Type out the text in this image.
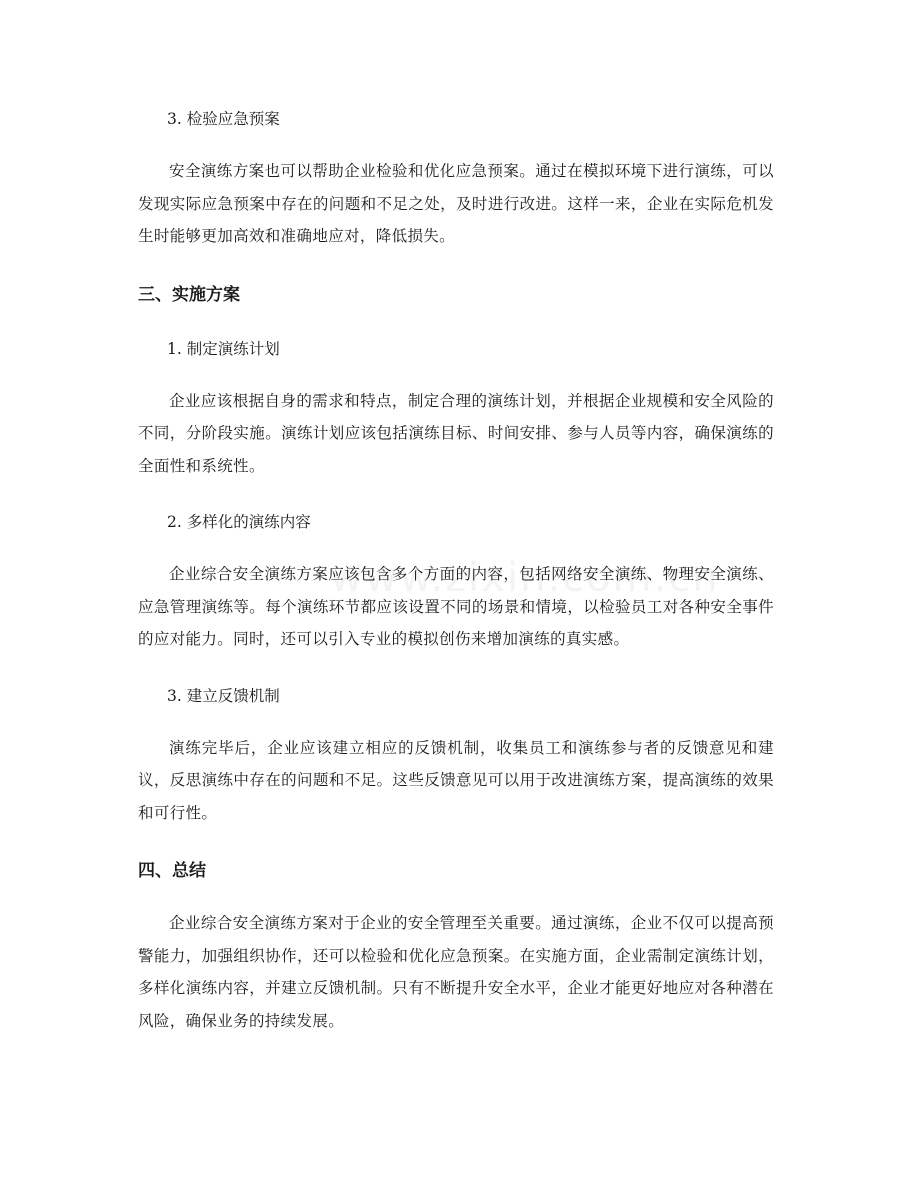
3. 检验应急预案

安全演练方案也可以帮助企业检验和优化应急预案。通过在模拟环境下进行演练，可以发现实际应急预案中存在的问题和不足之处，及时进行改进。这样一来，企业在实际危机发生时能够更加高效和准确地应对，降低损失。

三、实施方案

1. 制定演练计划

企业应该根据自身的需求和特点，制定合理的演练计划，并根据企业规模和安全风险的不同，分阶段实施。演练计划应该包括演练目标、时间安排、参与人员等内容，确保演练的全面性和系统性。

2. 多样化的演练内容

企业综合安全演练方案应该包含多个方面的内容，包括网络安全演练、物理安全演练、应急管理演练等。每个演练环节都应该设置不同的场景和情境，以检验员工对各种安全事件的应对能力。同时，还可以引入专业的模拟创伤来增加演练的真实感。

3. 建立反馈机制

演练完毕后，企业应该建立相应的反馈机制，收集员工和演练参与者的反馈意见和建议，反思演练中存在的问题和不足。这些反馈意见可以用于改进演练方案，提高演练的效果和可行性。

四、总结

企业综合安全演练方案对于企业的安全管理至关重要。通过演练，企业不仅可以提高预警能力，加强组织协作，还可以检验和优化应急预案。在实施方面，企业需制定演练计划，多样化演练内容，并建立反馈机制。只有不断提升安全水平，企业才能更好地应对各种潜在风险，确保业务的持续发展。
